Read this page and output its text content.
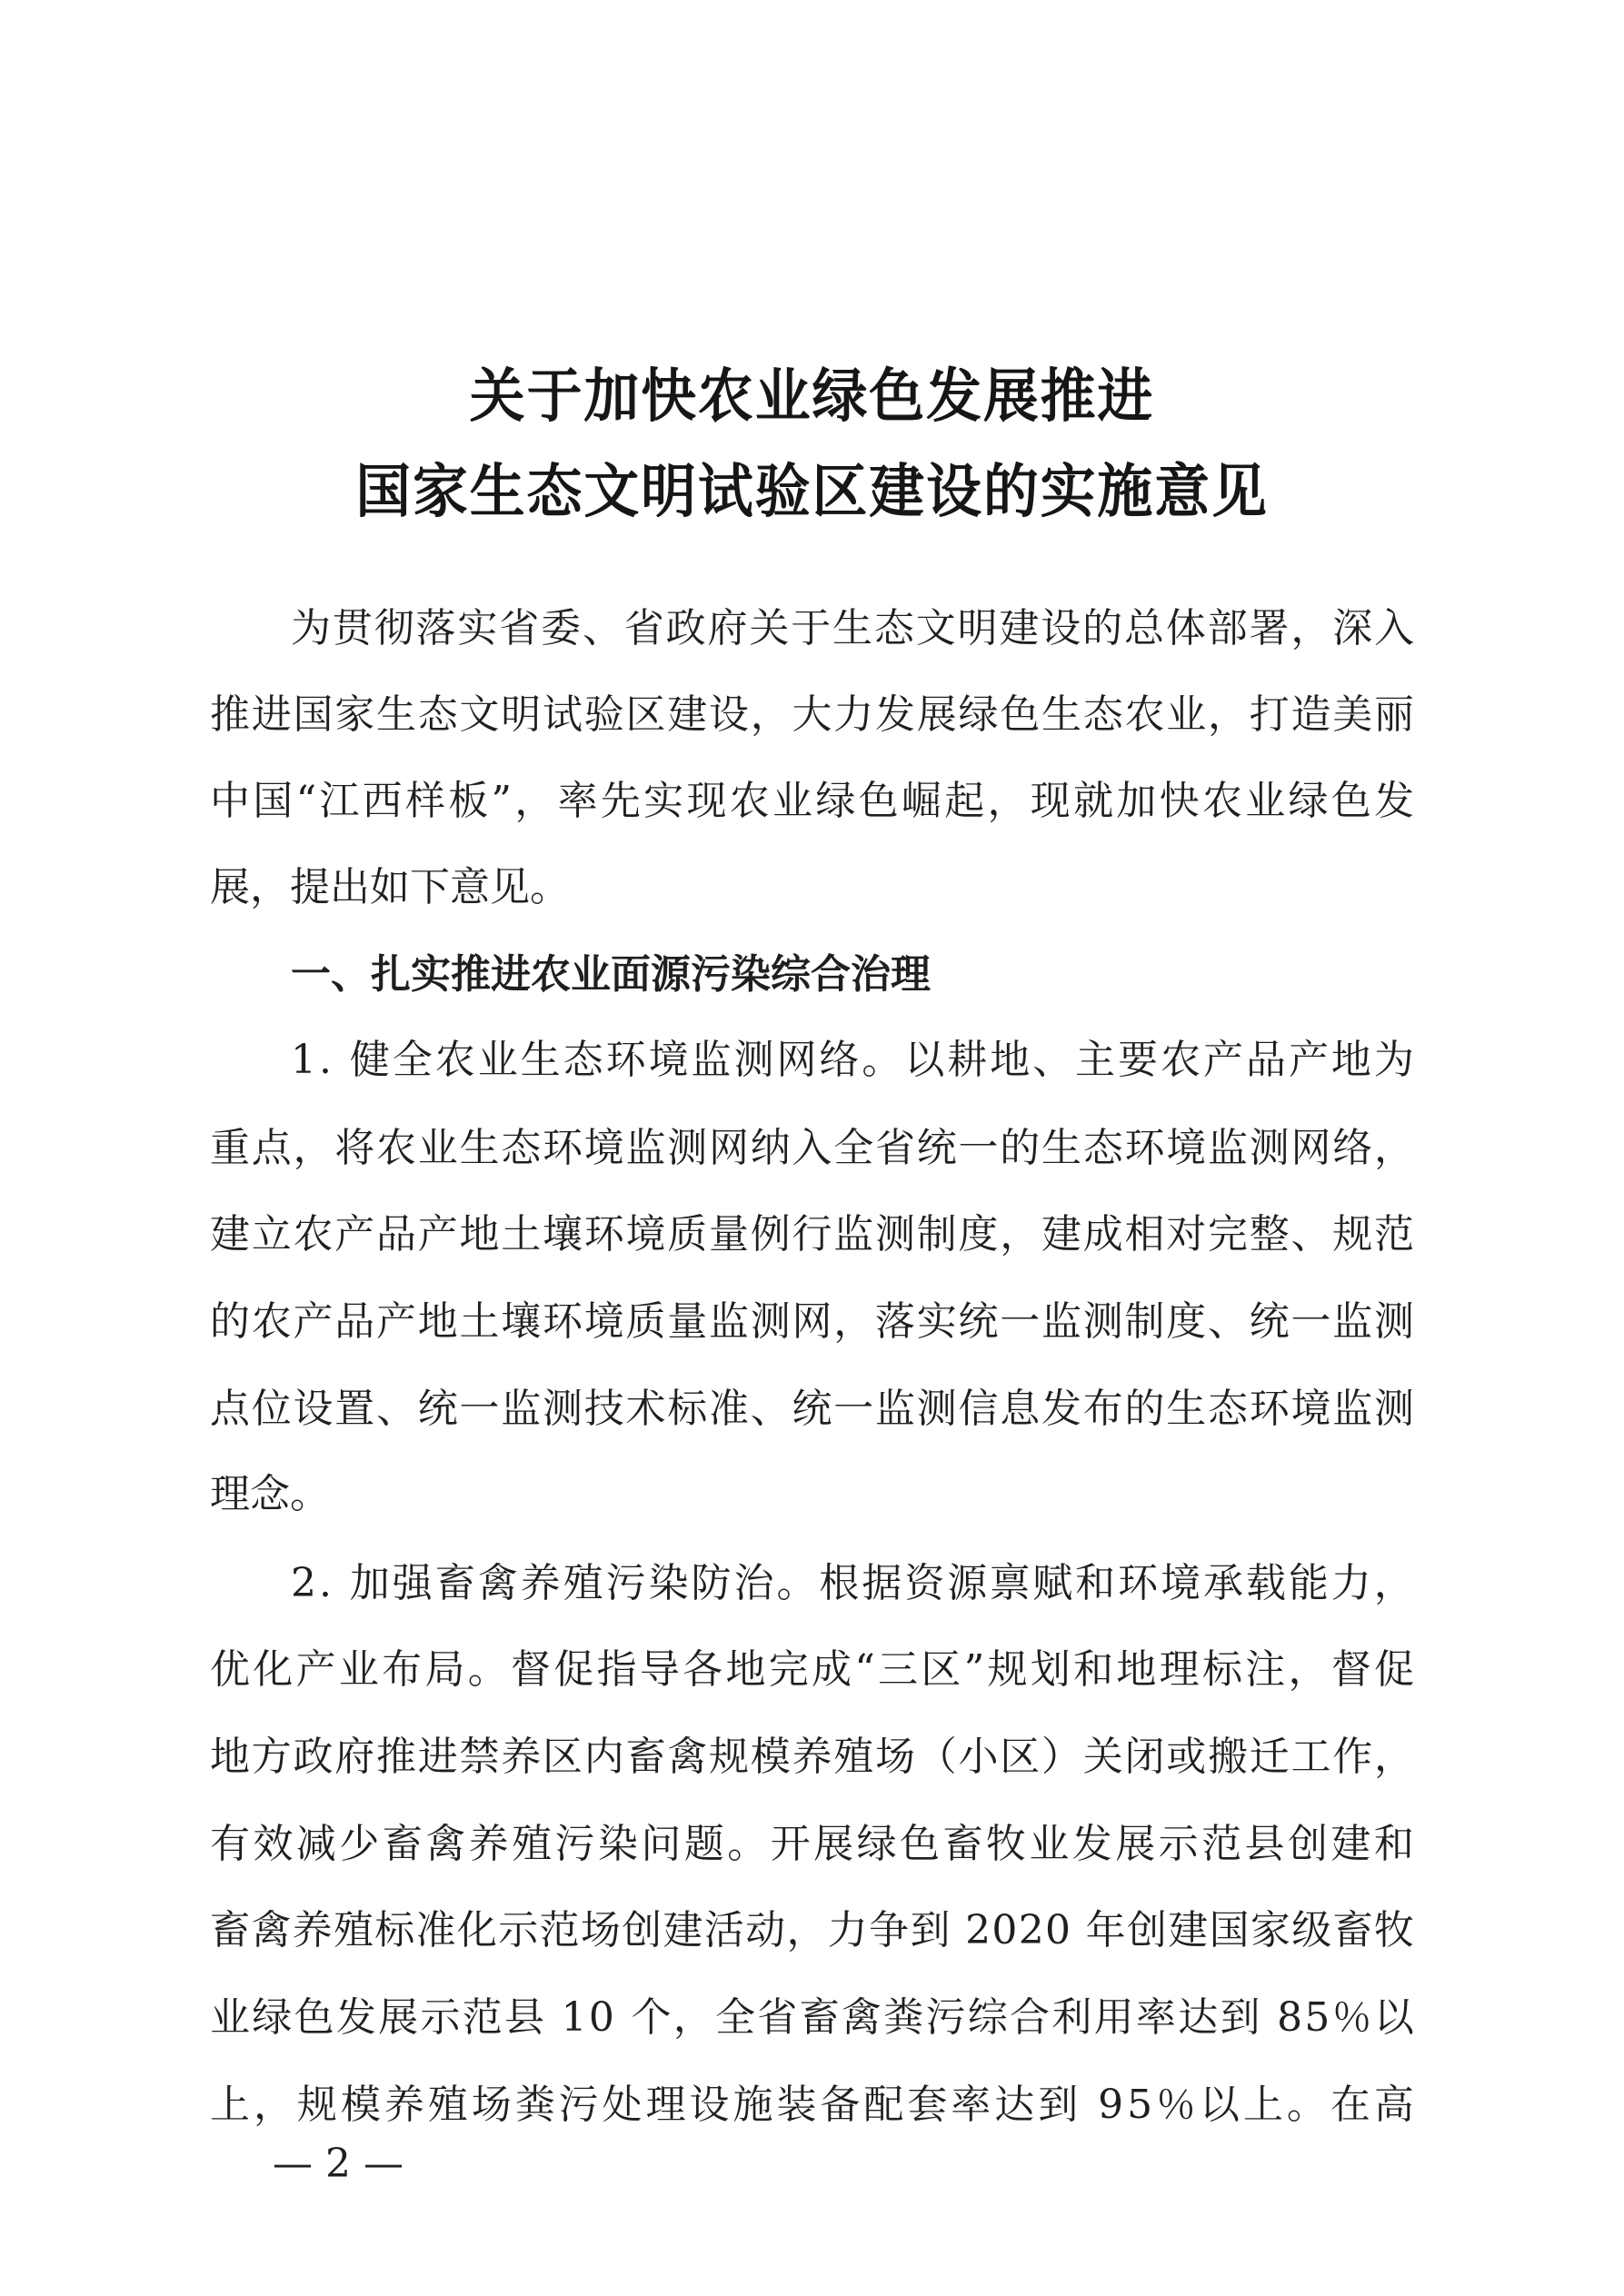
关于加快农业绿色发展推进
国家生态文明试验区建设的实施意见
为贯彻落实省委、省政府关于生态文明建设的总体部署，深入
推进国家生态文明试验区建设，大力发展绿色生态农业，打造美丽
中国“江西样板”，率先实现农业绿色崛起，现就加快农业绿色发
展，提出如下意见。
一、扎实推进农业面源污染综合治理
1. 健全农业生态环境监测网络。以耕地、主要农产品产地为
重点，将农业生态环境监测网纳入全省统一的生态环境监测网络，
建立农产品产地土壤环境质量例行监测制度，建成相对完整、规范
的农产品产地土壤环境质量监测网，落实统一监测制度、统一监测
点位设置、统一监测技术标准、统一监测信息发布的生态环境监测
理念。
2. 加强畜禽养殖污染防治。根据资源禀赋和环境承载能力，
优化产业布局。督促指导各地完成“三区”规划和地理标注，督促
地方政府推进禁养区内畜禽规模养殖场（小区）关闭或搬迁工作，
有效减少畜禽养殖污染问题。开展绿色畜牧业发展示范县创建和
畜禽养殖标准化示范场创建活动，力争到 2020 年创建国家级畜牧
业绿色发展示范县 10 个，全省畜禽粪污综合利用率达到 85％以
上，规模养殖场粪污处理设施装备配套率达到 95％以上。在高
— 2 —
